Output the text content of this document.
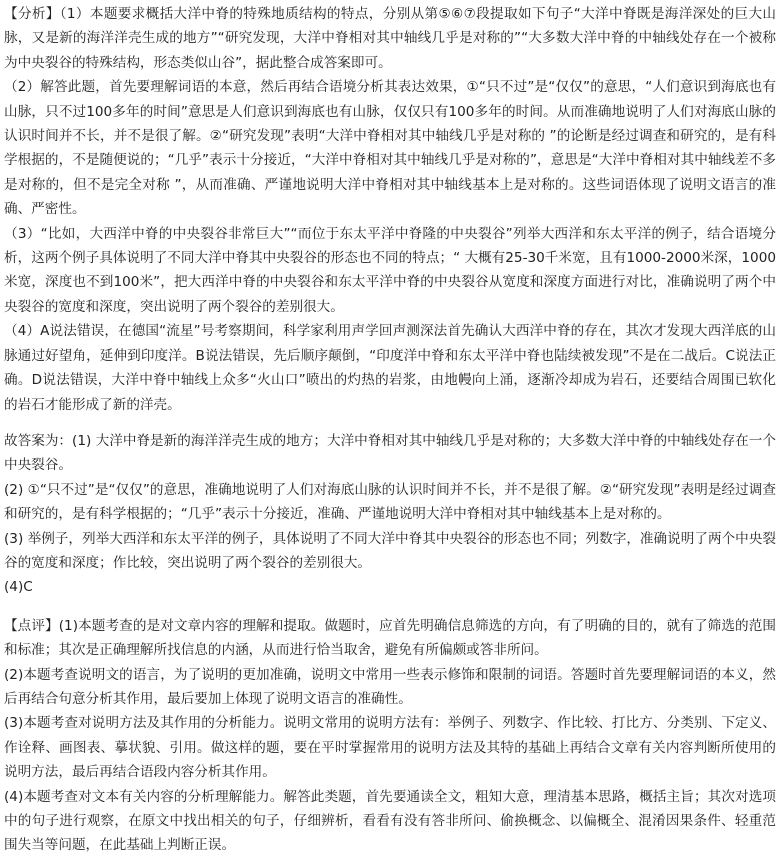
【分析】（1）本题要求概括大洋中脊的特殊地质结构的特点，分别从第⑤⑥⑦段提取如下句子“大洋中脊既是海洋深处的巨大山脉，又是新的海洋洋壳生成的地方”“研究发现，大洋中脊相对其中轴线几乎是对称的”“大多数大洋中脊的中轴线处存在一个被称为中央裂谷的特殊结构，形态类似山谷”，据此整合成答案即可。

（2）解答此题，首先要理解词语的本意，然后再结合语境分析其表达效果，①“只不过”是“仅仅”的意思，“人们意识到海底也有山脉，只不过100多年的时间”意思是人们意识到海底也有山脉，仅仅只有100多年的时间。从而准确地说明了人们对海底山脉的认识时间并不长，并不是很了解。②“研究发现”表明“大洋中脊相对其中轴线几乎是对称的 ”的论断是经过调查和研究的，是有科学根据的，不是随便说的；“几乎”表示十分接近，“大洋中脊相对其中轴线几乎是对称的”，意思是“大洋中脊相对其中轴线差不多是对称的，但不是完全对称 ”，从而准确、严谨地说明大洋中脊相对其中轴线基本上是对称的。这些词语体现了说明文语言的准确、严密性。

（3）“比如，大西洋中脊的中央裂谷非常巨大”“而位于东太平洋中脊隆的中央裂谷”列举大西洋和东太平洋的例子，结合语境分析，这两个例子具体说明了不同大洋中脊其中央裂谷的形态也不同的特点；“ 大概有25-30千米宽，且有1000-2000米深，1000米宽，深度也不到100米”，把大西洋中脊的中央裂谷和东太平洋中脊的中央裂谷从宽度和深度方面进行对比，准确说明了两个中央裂谷的宽度和深度，突出说明了两个裂谷的差别很大。

（4）A说法错误，在德国“流星”号考察期间，科学家利用声学回声测深法首先确认大西洋中脊的存在，其次才发现大西洋底的山脉通过好望角，延伸到印度洋。B说法错误，先后顺序颠倒，“印度洋中脊和东太平洋中脊也陆续被发现”不是在二战后。C说法正确。D说法错误，大洋中脊中轴线上众多“火山口”喷出的灼热的岩浆，由地幔向上涌，逐渐冷却成为岩石，还要结合周围已软化的岩石才能形成了新的洋壳。

故答案为：(1) 大洋中脊是新的海洋洋壳生成的地方；大洋中脊相对其中轴线几乎是对称的；大多数大洋中脊的中轴线处存在一个中央裂谷。

(2) ①“只不过”是“仅仅”的意思，准确地说明了人们对海底山脉的认识时间并不长，并不是很了解。②“研究发现”表明是经过调查和研究的，是有科学根据的；“几乎”表示十分接近，准确、严谨地说明大洋中脊相对其中轴线基本上是对称的。

(3) 举例子，列举大西洋和东太平洋的例子，具体说明了不同大洋中脊其中央裂谷的形态也不同；列数字，准确说明了两个中央裂谷的宽度和深度；作比较，突出说明了两个裂谷的差别很大。

(4)C

【点评】(1)本题考查的是对文章内容的理解和提取。做题时，应首先明确信息筛选的方向，有了明确的目的，就有了筛选的范围和标准；其次是正确理解所找信息的内涵，从而进行恰当取舍，避免有所偏颇或答非所问。

(2)本题考查说明文的语言，为了说明的更加准确，说明文中常用一些表示修饰和限制的词语。答题时首先要理解词语的本义，然后再结合句意分析其作用，最后要加上体现了说明文语言的准确性。

(3)本题考查对说明方法及其作用的分析能力。说明文常用的说明方法有：举例子、列数字、作比较、打比方、分类别、下定义、作诠释、画图表、摹状貌、引用。做这样的题，要在平时掌握常用的说明方法及其特的基础上再结合文章有关内容判断所使用的说明方法，最后再结合语段内容分析其作用。

(4)本题考查对文本有关内容的分析理解能力。解答此类题，首先要通读全文，粗知大意，理清基本思路，概括主旨；其次对选项中的句子进行观察，在原文中找出相关的句子，仔细辨析，看看有没有答非所问、偷换概念、以偏概全、混淆因果条件、轻重范围失当等问题，在此基础上判断正误。
